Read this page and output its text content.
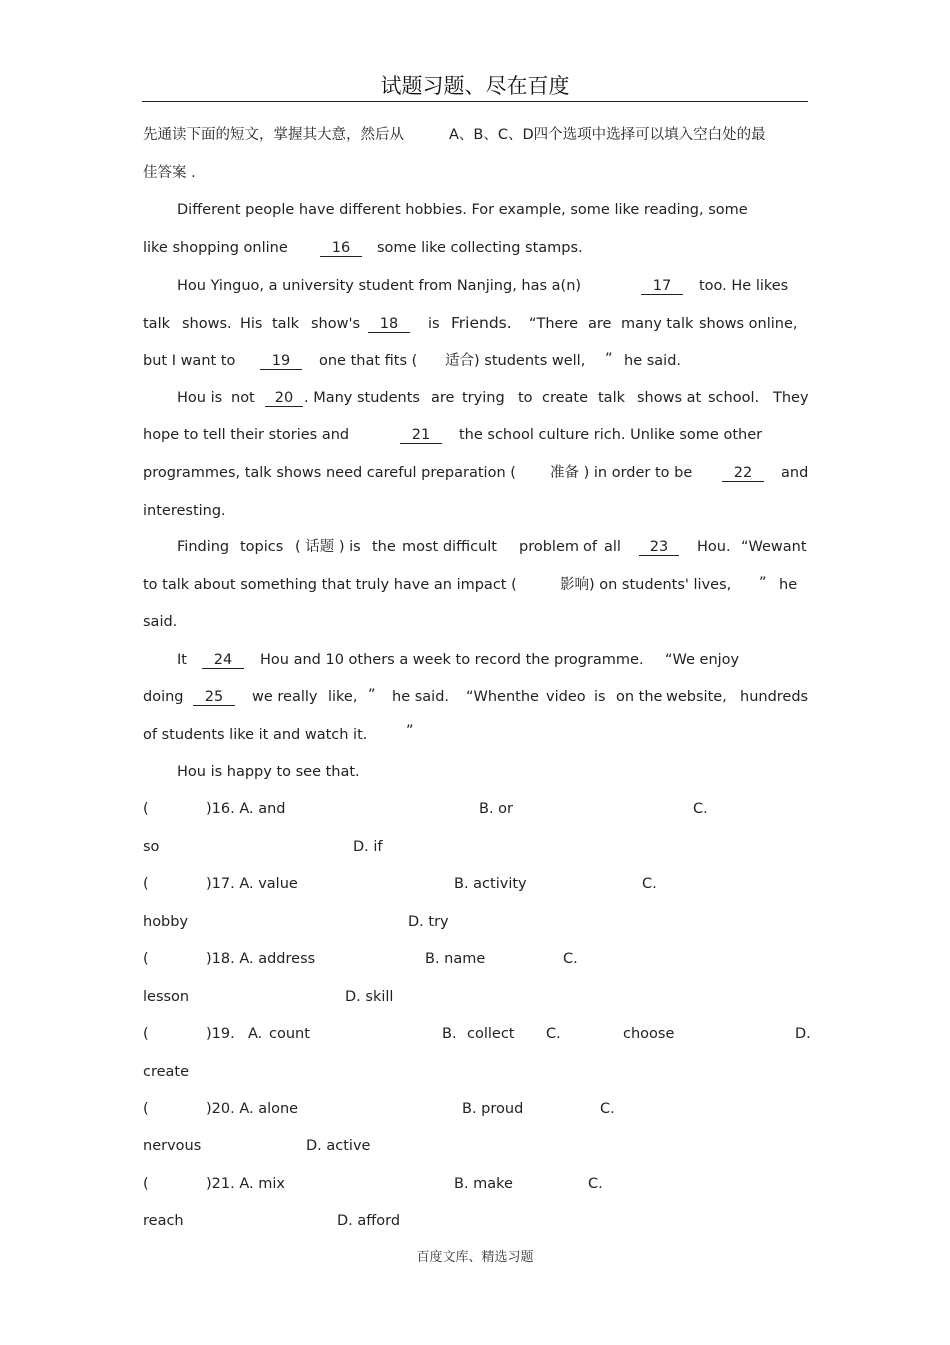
试题习题、尽在百度
先通读下面的短文，掌握其大意，然后从	A、B、C、D四个选项中选择可以填入空白处的最
佳答案 .
Different people have different hobbies. For example, some like reading, some
like shopping online	16	some like collecting stamps.
Hou Yinguo, a university student from Nanjing, has a(n)	17	too. He likes
talk shows. His talk show's	18	is Friends. “There are many talk shows online,
but I want to	19	one that fits ( 适合) students well, ” he said.
Hou is not	20 . Many students are trying to create talk shows at school. They
hope to tell their stories and	21	the school culture rich. Unlike some other
programmes, talk shows need careful preparation ( 准备 ) in order to be	22	and
interesting.
Finding topics ( 话题 ) is the most difficult problem of all	23	Hou. “Wewant
to talk about something that truly have an impact (	影响) on students' lives, ” he
said.
It	24	Hou and 10 others a week to record the programme. “We enjoy
doing	25	we really like, ” he said. “Whenthe video is on the website, hundreds
of students like it and watch it.	”
Hou is happy to see that.
(	)16. A. and	B. or	C.
so	D. if
(	)17. A. value	B. activity	C.
hobby	D. try
(	)18. A. address	B. name	C.
lesson	D. skill
(	)19. A. count	B. collect C.	choose	D.
create
(	)20. A. alone	B. proud	C.
nervous	D. active
(	)21. A. mix	B. make	C.
reach	D. afford
百度文库、精选习题
